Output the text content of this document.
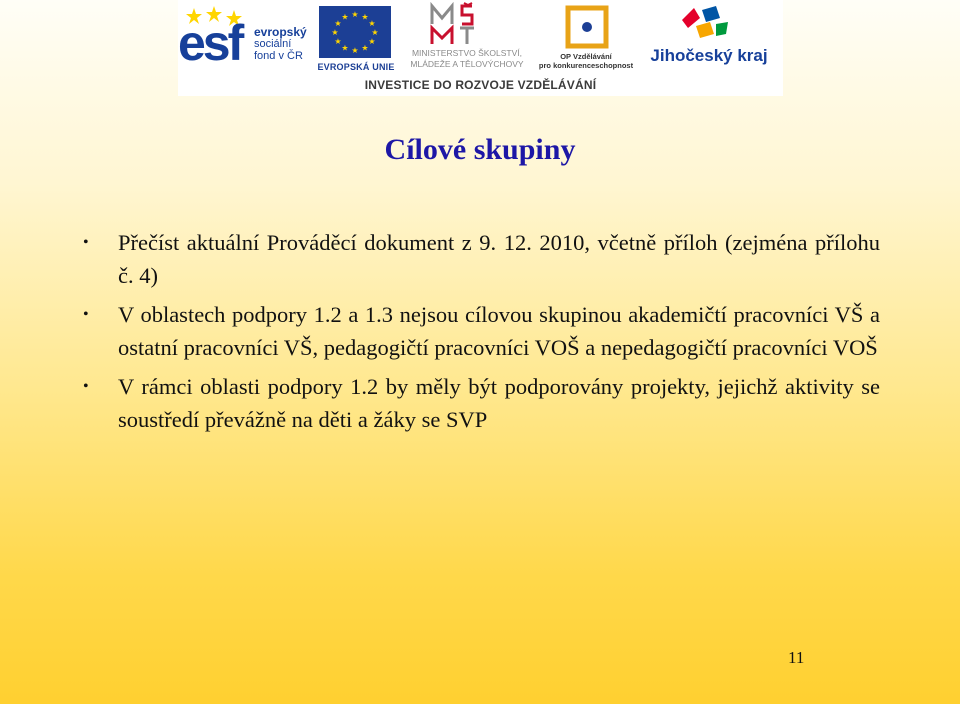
esf evropský
sociální
fond v ČR
★ ★
★
★
★
★
★
★
★
★
★
★
EVROPSKÁ UNIE
MINISTERSTVO ŠKOLSTVÍ,
MLÁDEŽE A TĚLOVÝCHOVY
OP Vzdělávání
pro konkurenceschopnost
Jihočeský kraj
INVESTICE DO ROZVOJE VZDĚLÁVÁNÍ
Cílové skupiny
• Přečíst aktuální Prováděcí dokument z 9. 12. 2010, včetně příloh (zejména přílohu č. 4)
• V oblastech podpory 1.2 a 1.3 nejsou cílovou skupinou akademičtí pracovníci VŠ a ostatní pracovníci VŠ, pedagogičtí pracovníci VOŠ a nepedagogičtí pracovníci VOŠ
• V rámci oblasti podpory 1.2 by měly být podporovány projekty, jejichž aktivity se soustředí převážně na děti a žáky se SVP
11
